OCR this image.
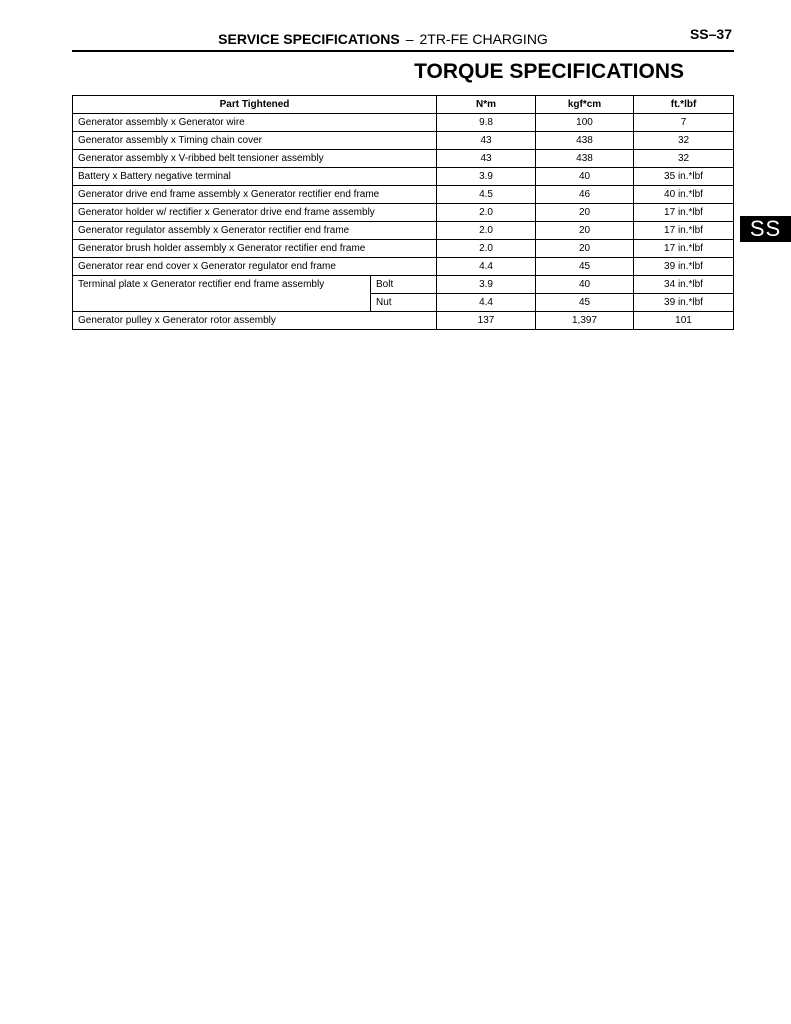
SERVICE SPECIFICATIONS – 2TR-FE CHARGING	SS–37
TORQUE SPECIFICATIONS
SS
Part Tightened		N*m	kgf*cm	ft.*lbf
Generator assembly x Generator wire		9.8	100	7
Generator assembly x Timing chain cover		43	438	32
Generator assembly x V-ribbed belt tensioner assembly		43	438	32
Battery x Battery negative terminal		3.9	40	35 in.*lbf
Generator drive end frame assembly x Generator rectifier end frame		4.5	46	40 in.*lbf
Generator holder w/ rectifier x Generator drive end frame assembly		2.0	20	17 in.*lbf
Generator regulator assembly x Generator rectifier end frame		2.0	20	17 in.*lbf
Generator brush holder assembly x Generator rectifier end frame		2.0	20	17 in.*lbf
Generator rear end cover x Generator regulator end frame		4.4	45	39 in.*lbf
Terminal plate x Generator rectifier end frame assembly	Bolt	3.9	40	34 in.*lbf
	Nut	4.4	45	39 in.*lbf
Generator pulley x Generator rotor assembly		137	1,397	101
